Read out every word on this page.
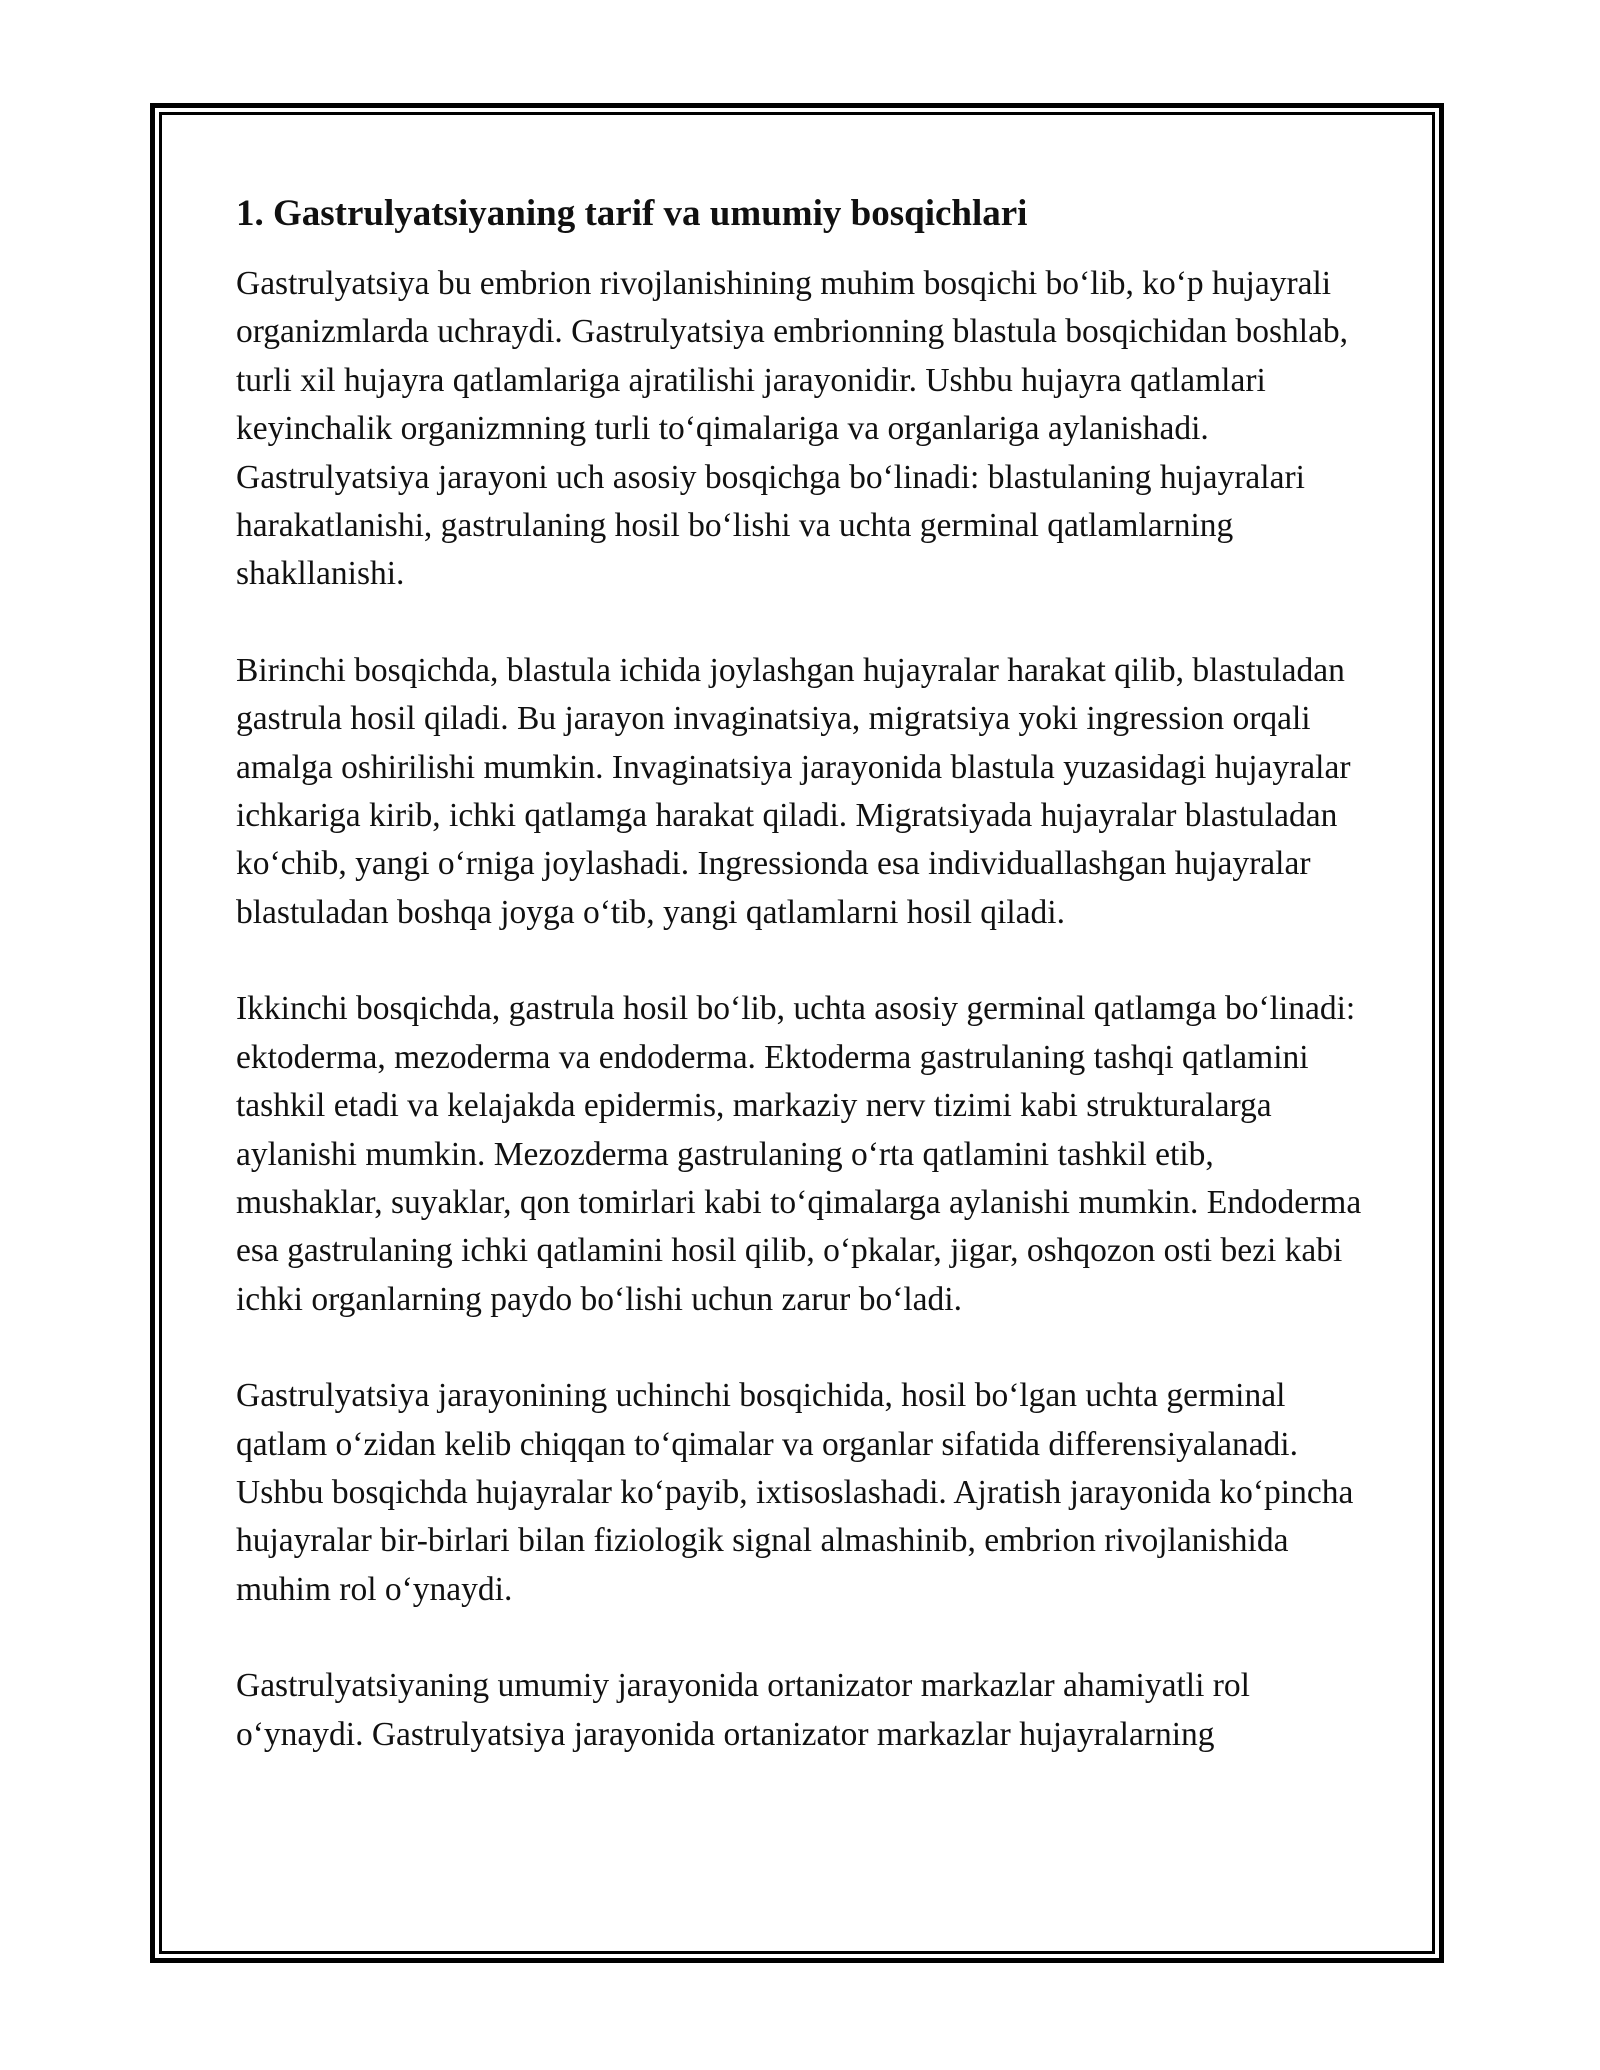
1. Gastrulyatsiyaning tarif va umumiy bosqichlari

Gastrulyatsiya bu embrion rivojlanishining muhim bosqichi bo‘lib, ko‘p hujayrali organizmlarda uchraydi. Gastrulyatsiya embrionning blastula bosqichidan boshlab, turli xil hujayra qatlamlariga ajratilishi jarayonidir. Ushbu hujayra qatlamlari keyinchalik organizmning turli to‘qimalariga va organlariga aylanishadi. Gastrulyatsiya jarayoni uch asosiy bosqichga bo‘linadi: blastulaning hujayralari harakatlanishi, gastrulaning hosil bo‘lishi va uchta germinal qatlamlarning shakllanishi.

Birinchi bosqichda, blastula ichida joylashgan hujayralar harakat qilib, blastuladan gastrula hosil qiladi. Bu jarayon invaginatsiya, migratsiya yoki ingression orqali amalga oshirilishi mumkin. Invaginatsiya jarayonida blastula yuzasidagi hujayralar ichkariga kirib, ichki qatlamga harakat qiladi. Migratsiyada hujayralar blastuladan ko‘chib, yangi o‘rniga joylashadi. Ingressionda esa individuallashgan hujayralar blastuladan boshqa joyga o‘tib, yangi qatlamlarni hosil qiladi.

Ikkinchi bosqichda, gastrula hosil bo‘lib, uchta asosiy germinal qatlamga bo‘linadi: ektoderma, mezoderma va endoderma. Ektoderma gastrulaning tashqi qatlamini tashkil etadi va kelajakda epidermis, markaziy nerv tizimi kabi strukturalarga aylanishi mumkin. Mezozderma gastrulaning o‘rta qatlamini tashkil etib, mushaklar, suyaklar, qon tomirlari kabi to‘qimalarga aylanishi mumkin. Endoderma esa gastrulaning ichki qatlamini hosil qilib, o‘pkalar, jigar, oshqozon osti bezi kabi ichki organlarning paydo bo‘lishi uchun zarur bo‘ladi.

Gastrulyatsiya jarayonining uchinchi bosqichida, hosil bo‘lgan uchta germinal qatlam o‘zidan kelib chiqqan to‘qimalar va organlar sifatida differensiyalanadi. Ushbu bosqichda hujayralar ko‘payib, ixtisoslashadi. Ajratish jarayonida ko‘pincha hujayralar bir-birlari bilan fiziologik signal almashinib, embrion rivojlanishida muhim rol o‘ynaydi.

Gastrulyatsiyaning umumiy jarayonida ortanizator markazlar ahamiyatli rol o‘ynaydi. Gastrulyatsiya jarayonida ortanizator markazlar hujayralarning
